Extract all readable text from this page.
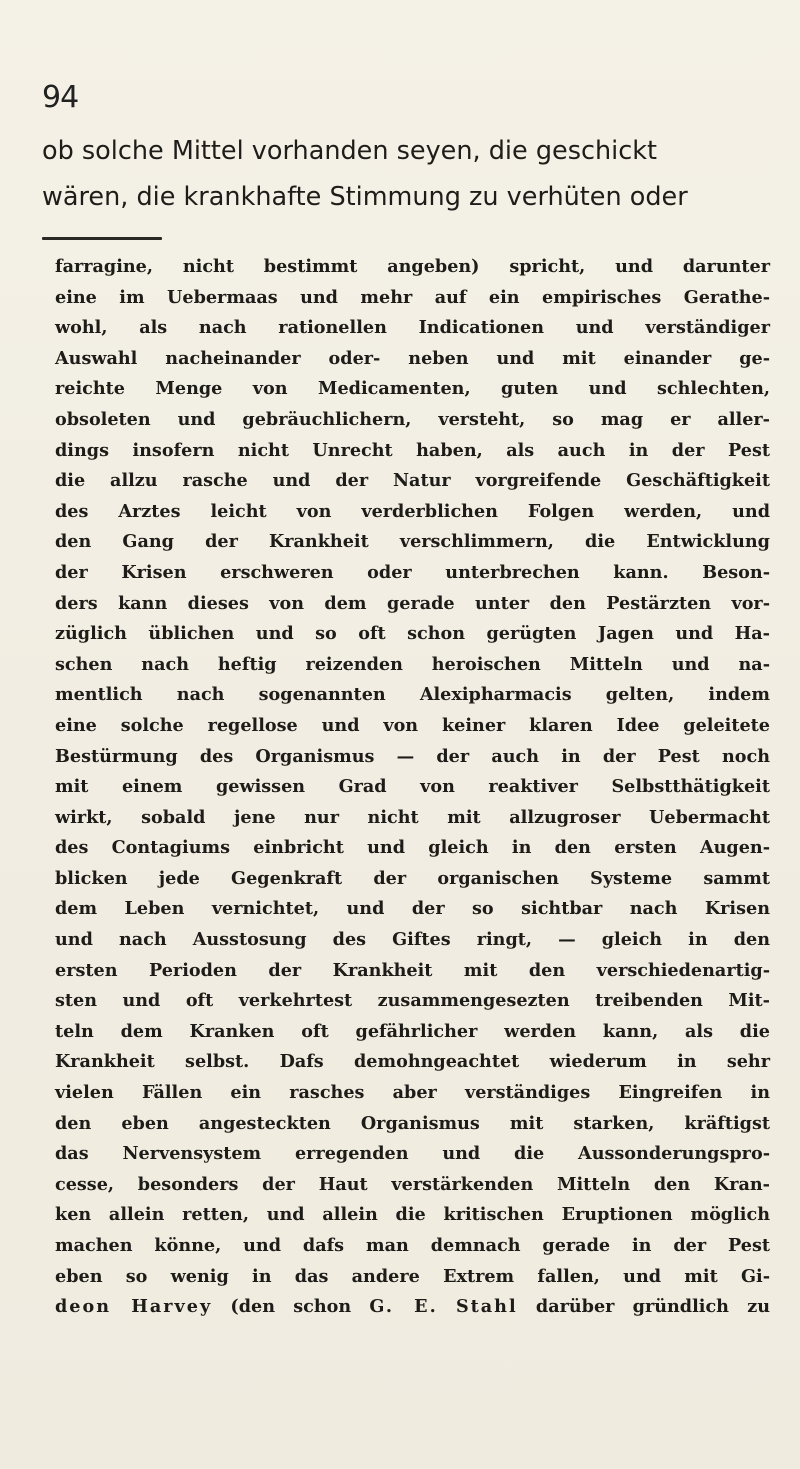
94
ob solche Mittel vorhanden seyen, die geschickt
wären, die krankhafte Stimmung zu verhüten oder
farragine, nicht bestimmt angeben) spricht, und darunter
eine im Uebermaas und mehr auf ein empirisches Gerathe-
wohl, als nach rationellen Indicationen und verständiger
Auswahl nacheinander oder- neben und mit einander ge-
reichte Menge von Medicamenten, guten und schlechten,
obsoleten und gebräuchlichern, versteht, so mag er aller-
dings insofern nicht Unrecht haben, als auch in der Pest
die allzu rasche und der Natur vorgreifende Geschäftigkeit
des Arztes leicht von verderblichen Folgen werden, und
den Gang der Krankheit verschlimmern, die Entwicklung
der Krisen erschweren oder unterbrechen kann. Beson-
ders kann dieses von dem gerade unter den Pestärzten vor-
züglich üblichen und so oft schon gerügten Jagen und Ha-
schen nach heftig reizenden heroischen Mitteln und na-
mentlich nach sogenannten Alexipharmacis gelten, indem
eine solche regellose und von keiner klaren Idee geleitete
Bestürmung des Organismus — der auch in der Pest noch
mit einem gewissen Grad von reaktiver Selbstthätigkeit
wirkt, sobald jene nur nicht mit allzugroser Uebermacht
des Contagiums einbricht und gleich in den ersten Augen-
blicken jede Gegenkraft der organischen Systeme sammt
dem Leben vernichtet, und der so sichtbar nach Krisen
und nach Ausstosung des Giftes ringt, — gleich in den
ersten Perioden der Krankheit mit den verschiedenartig-
sten und oft verkehrtest zusammengesezten treibenden Mit-
teln dem Kranken oft gefährlicher werden kann, als die
Krankheit selbst. Dafs demohngeachtet wiederum in sehr
vielen Fällen ein rasches aber verständiges Eingreifen in
den eben angesteckten Organismus mit starken, kräftigst
das Nervensystem erregenden und die Aussonderungspro-
cesse, besonders der Haut verstärkenden Mitteln den Kran-
ken allein retten, und allein die kritischen Eruptionen möglich
machen könne, und dafs man demnach gerade in der Pest
eben so wenig in das andere Extrem fallen, und mit Gi-
deon Harvey (den schon G. E. Stahl darüber gründlich zu
